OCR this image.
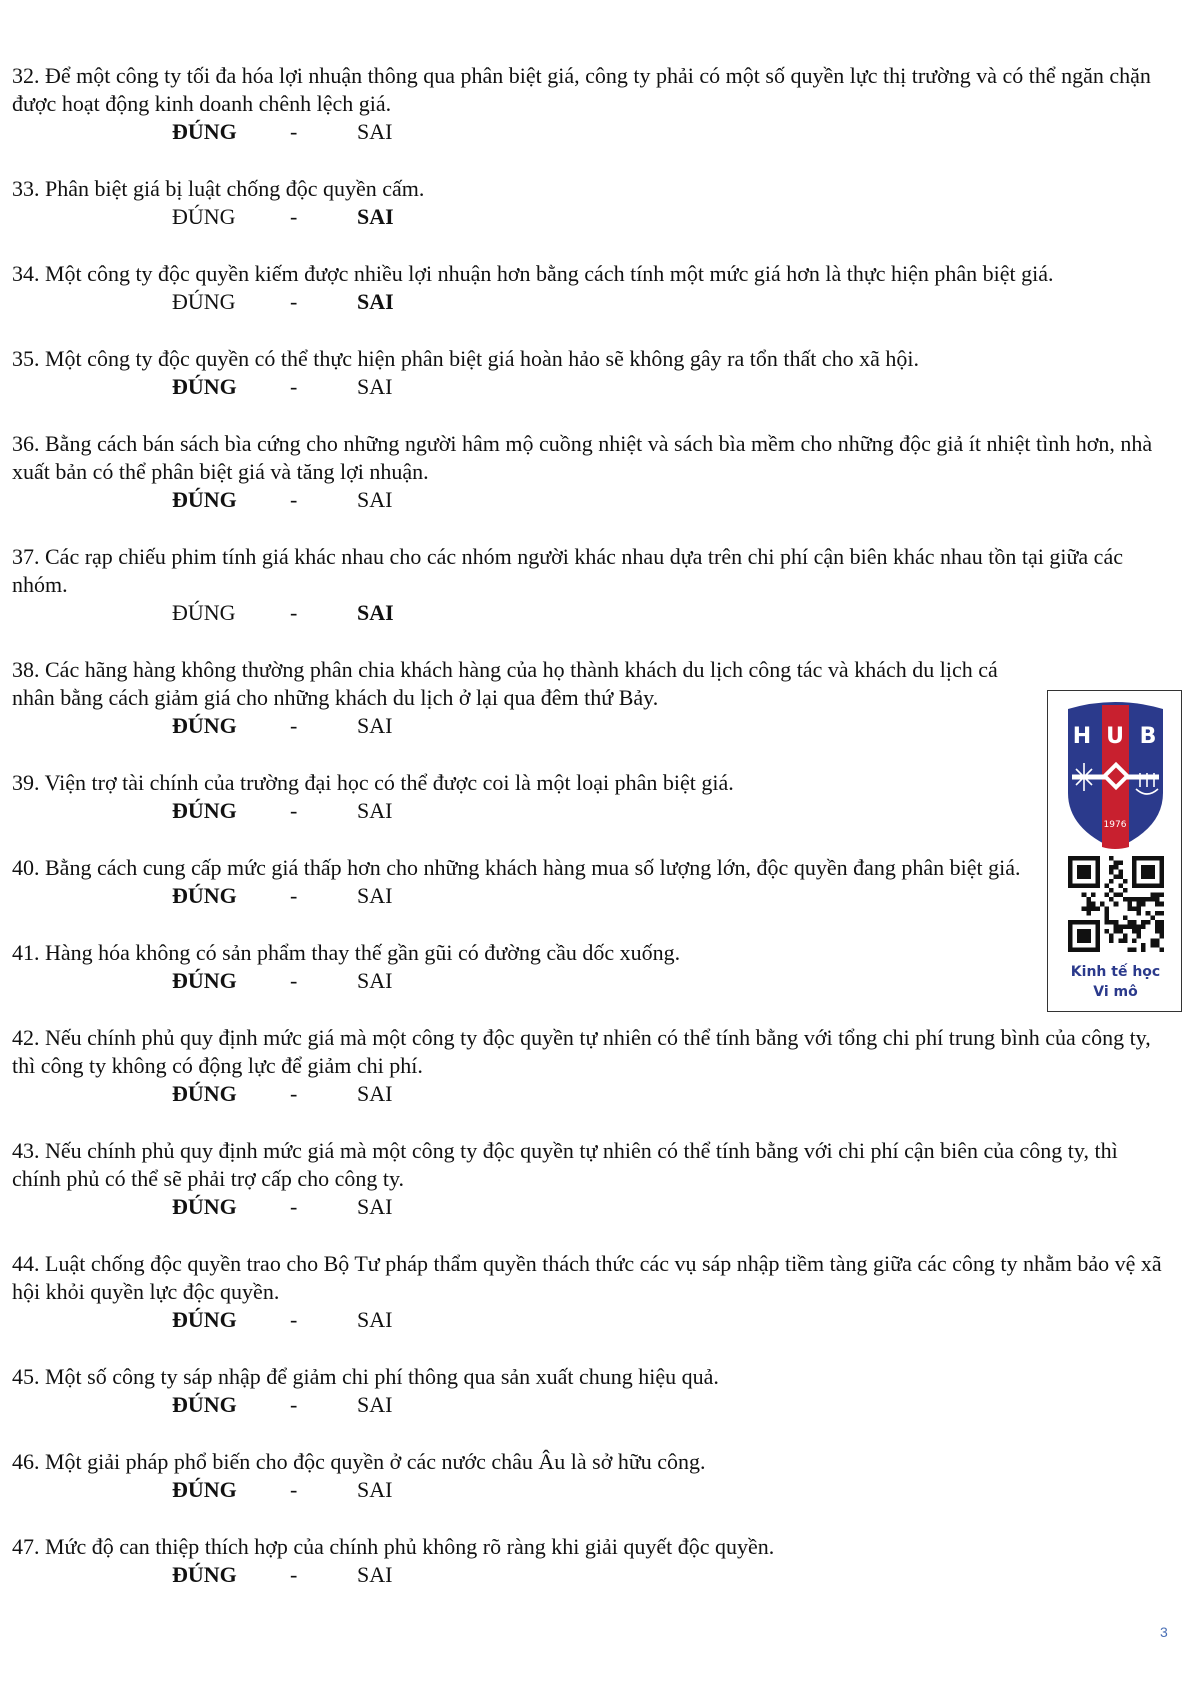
32. Để một công ty tối đa hóa lợi nhuận thông qua phân biệt giá, công ty phải có một số quyền lực thị trường và có thể ngăn chặn được hoạt động kinh doanh chênh lệch giá.

ĐÚNG -	SAI

33. Phân biệt giá bị luật chống độc quyền cấm.

ĐÚNG -	SAI

34. Một công ty độc quyền kiếm được nhiều lợi nhuận hơn bằng cách tính một mức giá hơn là thực hiện phân biệt giá.

ĐÚNG -	SAI

35. Một công ty độc quyền có thể thực hiện phân biệt giá hoàn hảo sẽ không gây ra tổn thất cho xã hội.

ĐÚNG -	SAI

36. Bằng cách bán sách bìa cứng cho những người hâm mộ cuồng nhiệt và sách bìa mềm cho những độc giả ít nhiệt tình hơn, nhà xuất bản có thể phân biệt giá và tăng lợi nhuận.

ĐÚNG -	SAI

37. Các rạp chiếu phim tính giá khác nhau cho các nhóm người khác nhau dựa trên chi phí cận biên khác nhau tồn tại giữa các nhóm.

ĐÚNG -	SAI

38. Các hãng hàng không thường phân chia khách hàng của họ thành khách du lịch công tác và khách du lịch cá nhân bằng cách giảm giá cho những khách du lịch ở lại qua đêm thứ Bảy.

ĐÚNG -	SAI

39. Viện trợ tài chính của trường đại học có thể được coi là một loại phân biệt giá.

ĐÚNG -	SAI

40. Bằng cách cung cấp mức giá thấp hơn cho những khách hàng mua số lượng lớn, độc quyền đang phân biệt giá.

ĐÚNG -	SAI

41. Hàng hóa không có sản phẩm thay thế gần gũi có đường cầu dốc xuống.

ĐÚNG -	SAI

42. Nếu chính phủ quy định mức giá mà một công ty độc quyền tự nhiên có thể tính bằng với tổng chi phí trung bình của công ty, thì công ty không có động lực để giảm chi phí.

ĐÚNG -	SAI

43. Nếu chính phủ quy định mức giá mà một công ty độc quyền tự nhiên có thể tính bằng với chi phí cận biên của công ty, thì chính phủ có thể sẽ phải trợ cấp cho công ty.

ĐÚNG -	SAI

44. Luật chống độc quyền trao cho Bộ Tư pháp thẩm quyền thách thức các vụ sáp nhập tiềm tàng giữa các công ty nhằm bảo vệ xã hội khỏi quyền lực độc quyền.

ĐÚNG -	SAI

45. Một số công ty sáp nhập để giảm chi phí thông qua sản xuất chung hiệu quả.

ĐÚNG -	SAI

46. Một giải pháp phổ biến cho độc quyền ở các nước châu Âu là sở hữu công.

ĐÚNG -	SAI

47. Mức độ can thiệp thích hợp của chính phủ không rõ ràng khi giải quyết độc quyền.

ĐÚNG -	SAI
H U B
1976
Kinh tế học
Vi mô
3
